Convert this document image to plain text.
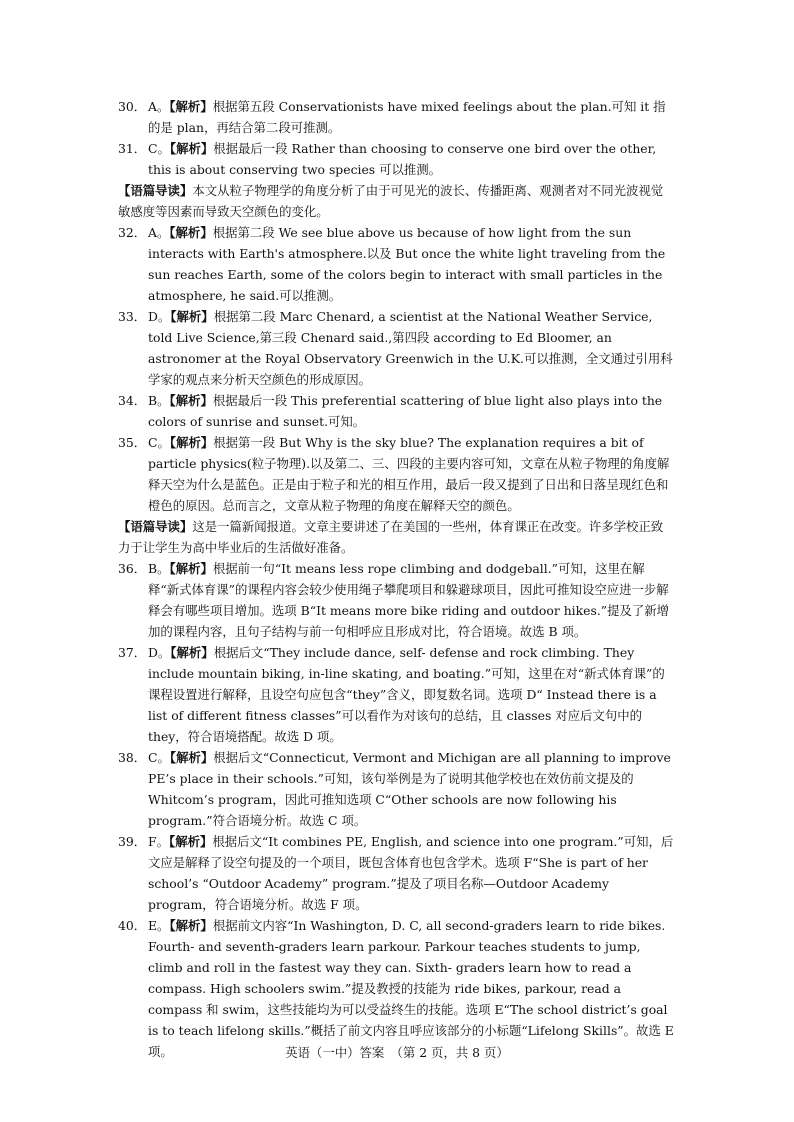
30． A。【解析】根据第五段 Conservationists have mixed feelings about the plan.可知 it 指的是 plan，再结合第二段可推测。
31． C。【解析】根据最后一段 Rather than choosing to conserve one bird over the other, this is about conserving two species 可以推测。
【语篇导读】本文从粒子物理学的角度分析了由于可见光的波长、传播距离、观测者对不同光波视觉敏感度等因素而导致天空颜色的变化。
32． A。【解析】根据第二段 We see blue above us because of how light from the sun interacts with Earth's atmosphere.以及 But once the white light traveling from the sun reaches Earth, some of the colors begin to interact with small particles in the atmosphere, he said.可以推测。
33． D。【解析】根据第二段 Marc Chenard, a scientist at the National Weather Service, told Live Science,第三段 Chenard said.,第四段 according to Ed Bloomer, an astronomer at the Royal Observatory Greenwich in the U.K.可以推测，全文通过引用科学家的观点来分析天空颜色的形成原因。
34． B。【解析】根据最后一段 This preferential scattering of blue light also plays into the colors of sunrise and sunset.可知。
35． C。【解析】根据第一段 But Why is the sky blue? The explanation requires a bit of particle physics(粒子物理).以及第二、三、四段的主要内容可知，文章在从粒子物理的角度解释天空为什么是蓝色。正是由于粒子和光的相互作用，最后一段又提到了日出和日落呈现红色和橙色的原因。总而言之，文章从粒子物理的角度在解释天空的颜色。
【语篇导读】这是一篇新闻报道。文章主要讲述了在美国的一些州，体育课正在改变。许多学校正致力于让学生为高中毕业后的生活做好准备。
36． B。【解析】根据前一句“It means less rope climbing and dodgeball.”可知，这里在解释“新式体育课”的课程内容会较少使用绳子攀爬项目和躲避球项目，因此可推知设空应进一步解释会有哪些项目增加。选项 B“It means more bike riding and outdoor hikes.”提及了新增加的课程内容，且句子结构与前一句相呼应且形成对比，符合语境。故选 B 项。
37． D。【解析】根据后文“They include dance, self- defense and rock climbing. They include mountain biking, in-line skating, and boating.”可知，这里在对“新式体育课”的课程设置进行解释，且设空句应包含“they”含义，即复数名词。选项 D“ Instead there is a list of different fitness classes”可以看作为对该句的总结，且 classes 对应后文句中的 they，符合语境搭配。故选 D 项。
38． C。【解析】根据后文“Connecticut, Vermont and Michigan are all planning to improve PE’s place in their schools.”可知，该句举例是为了说明其他学校也在效仿前文提及的 Whitcom’s program，因此可推知选项 C“Other schools are now following his program.”符合语境分析。故选 C 项。
39． F。【解析】根据后文“It combines PE, English, and science into one program.”可知，后文应是解释了设空句提及的一个项目，既包含体育也包含学术。选项 F“She is part of her school’s “Outdoor Academy” program.”提及了项目名称—Outdoor Academy program，符合语境分析。故选 F 项。
40． E。【解析】根据前文内容“In Washington, D. C, all second-graders learn to ride bikes. Fourth- and seventh-graders learn parkour. Parkour teaches students to jump, climb and roll in the fastest way they can. Sixth- graders learn how to read a compass. High schoolers swim.”提及教授的技能为 ride bikes, parkour, read a compass 和 swim，这些技能均为可以受益终生的技能。选项 E“The school district’s goal is to teach lifelong skills.”概括了前文内容且呼应该部分的小标题“Lifelong Skills”。故选 E 项。	英语（一中）答案　（第 2 页，共 8 页）
